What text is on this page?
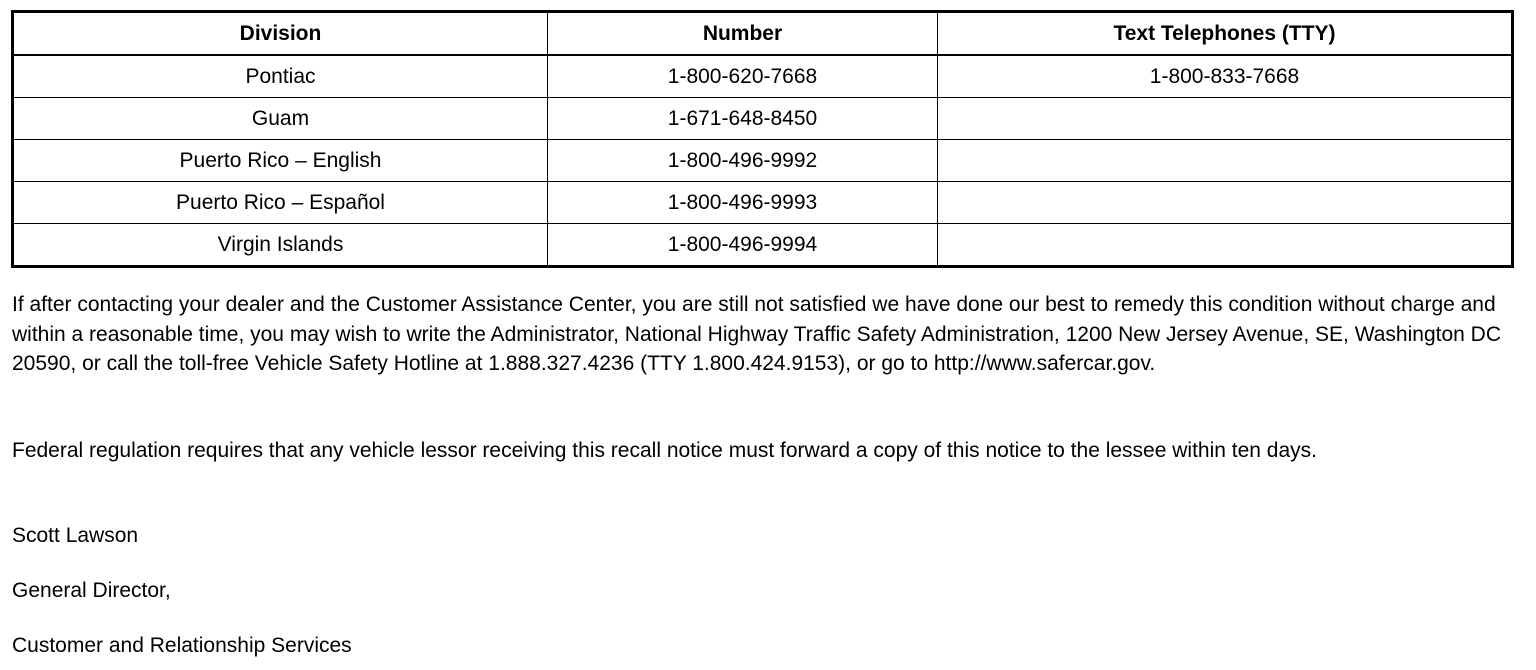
Division	Number	Text Telephones (TTY)
Pontiac	1-800-620-7668	1-800-833-7668
Guam	1-671-648-8450	
Puerto Rico – English	1-800-496-9992	
Puerto Rico – Español	1-800-496-9993	
Virgin Islands	1-800-496-9994	

If after contacting your dealer and the Customer Assistance Center, you are still not satisfied we have done our best to remedy this condition without charge and within a reasonable time, you may wish to write the Administrator, National Highway Traffic Safety Administration, 1200 New Jersey Avenue, SE, Washington DC 20590, or call the toll-free Vehicle Safety Hotline at 1.888.327.4236 (TTY 1.800.424.9153), or go to http://www.safercar.gov.

Federal regulation requires that any vehicle lessor receiving this recall notice must forward a copy of this notice to the lessee within ten days.

Scott Lawson

General Director,

Customer and Relationship Services
